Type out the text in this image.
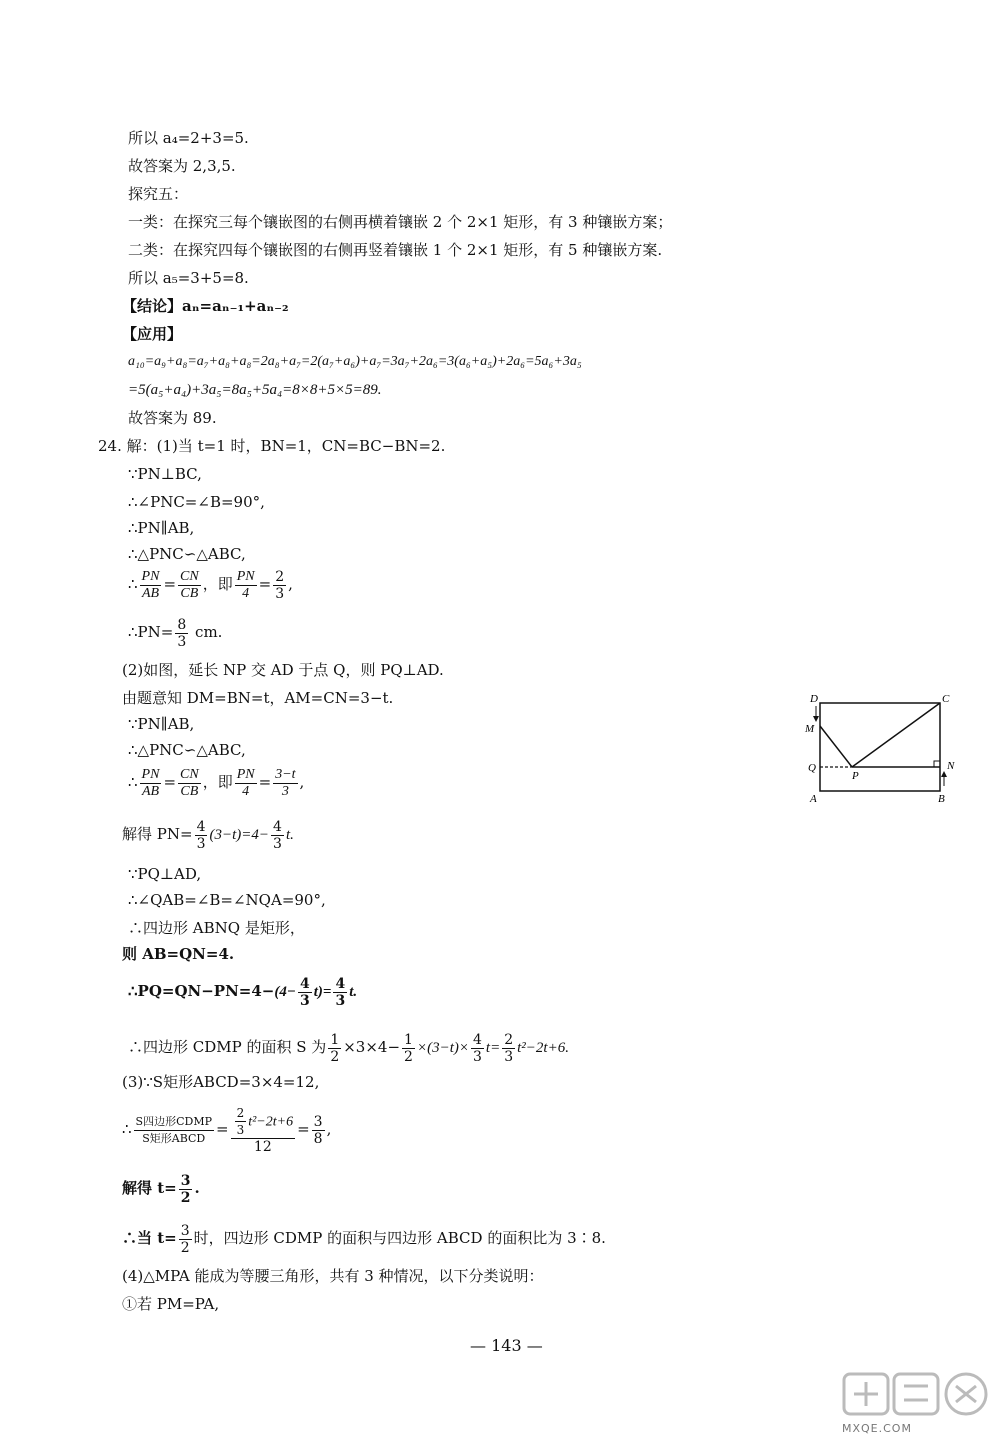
所以 a₄=2+3=5.
故答案为 2,3,5.
探究五：
一类：在探究三每个镶嵌图的右侧再横着镶嵌 2 个 2×1 矩形，有 3 种镶嵌方案；
二类：在探究四每个镶嵌图的右侧再竖着镶嵌 1 个 2×1 矩形，有 5 种镶嵌方案.
所以 a₅=3+5=8.
【结论】aₙ=aₙ₋₁+aₙ₋₂
【应用】
a₁₀=a₉+a₈=a₇+a₈+a₈=2a₈+a₇=2(a₇+a₆)+a₇=3a₇+2a₆=3(a₆+a₅)+2a₆=5a₆+3a₅
=5(a₅+a₄)+3a₅=8a₅+5a₄=8×8+5×5=89.
故答案为 89.
24. 解：(1)当 t=1 时，BN=1，CN=BC−BN=2.
∵PN⊥BC,
∴∠PNC=∠B=90°,
∴PN∥AB,
∴△PNC∽△ABC,
∴ $\frac{PN}{AB} = \frac{CN}{CB}$ ，即 $\frac{PN}{4} = \frac{2}{3}$ ,
∴PN= $\frac{8}{3}$ cm.
(2)如图，延长 NP 交 AD 于点 Q，则 PQ⊥AD.
由题意知 DM=BN=t，AM=CN=3−t.
∵PN∥AB,
∴△PNC∽△ABC,
∴ $\frac{PN}{AB} = \frac{CN}{CB}$ ，即 $\frac{PN}{4} = \frac{3-t}{3}$ ,
解得 $PN= \frac{4}{3} (3-t)=4- \frac{4}{3} t$.
∵PQ⊥AD,
∴∠QAB=∠B=∠NQA=90°,
∴四边形 ABNQ 是矩形，
则 AB=QN=4.
∴PQ=QN−PN=4−(4− $\frac{4}{3} t)= \frac{4}{3} t$.
∴四边形 CDMP 的面积 S 为 $\frac{1}{2} \times 3\times 4- \frac{1}{2} \times(3-t)\times \frac{4}{3} t= \frac{2}{3} t^2-2t+6$.
(3)∵S矩形ABCD=3×4=12,
∴ $\frac{\text{S四边形CDMP}}{\text{S矩形ABCD}} = \frac{\frac{2}{3} t^2-2t+6}{12} = \frac{3}{8}$ ,
解得 $t= \frac{3}{2}$ .
∴当 $t= \frac{3}{2}$ 时，四边形 CDMP 的面积与四边形 ABCD 的面积比为 3∶8.
(4)△MPA 能成为等腰三角形，共有 3 种情况，以下分类说明：
①若 PM=PA,
D	C
M
Q
P
N
A	B
— 143 —
MXQE.COM
